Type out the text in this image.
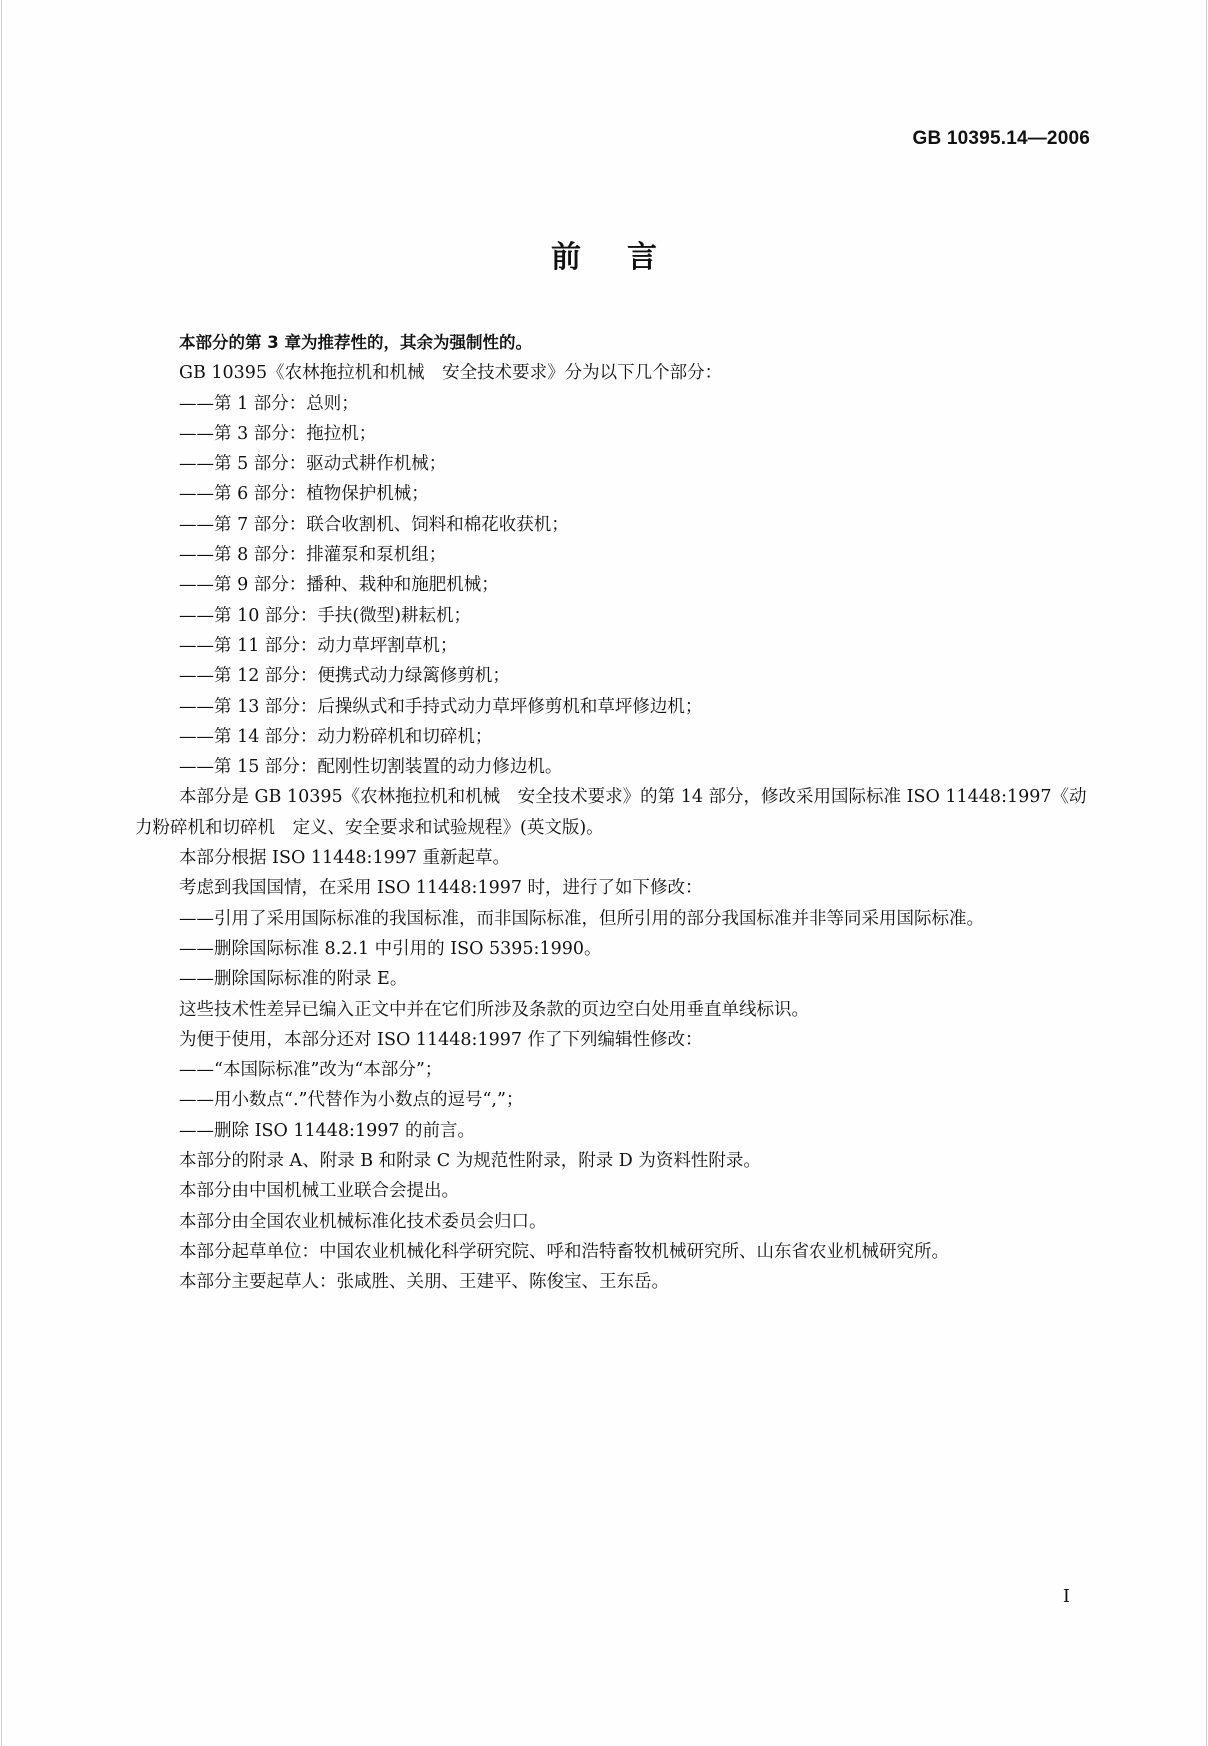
GB 10395.14—2006
前言

本部分的第 3 章为推荐性的，其余为强制性的。

GB 10395《农林拖拉机和机械　安全技术要求》分为以下几个部分：

——第 1 部分：总则；

——第 3 部分：拖拉机；

——第 5 部分：驱动式耕作机械；

——第 6 部分：植物保护机械；

——第 7 部分：联合收割机、饲料和棉花收获机；

——第 8 部分：排灌泵和泵机组；

——第 9 部分：播种、栽种和施肥机械；

——第 10 部分：手扶(微型)耕耘机；

——第 11 部分：动力草坪割草机；

——第 12 部分：便携式动力绿篱修剪机；

——第 13 部分：后操纵式和手持式动力草坪修剪机和草坪修边机；

——第 14 部分：动力粉碎机和切碎机；

——第 15 部分：配刚性切割装置的动力修边机。

本部分是 GB 10395《农林拖拉机和机械　安全技术要求》的第 14 部分，修改采用国际标准 ISO 11448:1997《动力粉碎机和切碎机　定义、安全要求和试验规程》(英文版)。

本部分根据 ISO 11448:1997 重新起草。

考虑到我国国情，在采用 ISO 11448:1997 时，进行了如下修改：

——引用了采用国际标准的我国标准，而非国际标准，但所引用的部分我国标准并非等同采用国际标准。

——删除国际标准 8.2.1 中引用的 ISO 5395:1990。

——删除国际标准的附录 E。

这些技术性差异已编入正文中并在它们所涉及条款的页边空白处用垂直单线标识。

为便于使用，本部分还对 ISO 11448:1997 作了下列编辑性修改：

——“本国际标准”改为“本部分”；

——用小数点“.”代替作为小数点的逗号“,”；

——删除 ISO 11448:1997 的前言。

本部分的附录 A、附录 B 和附录 C 为规范性附录，附录 D 为资料性附录。

本部分由中国机械工业联合会提出。

本部分由全国农业机械标准化技术委员会归口。

本部分起草单位：中国农业机械化科学研究院、呼和浩特畜牧机械研究所、山东省农业机械研究所。

本部分主要起草人：张咸胜、关朋、王建平、陈俊宝、王东岳。

I
